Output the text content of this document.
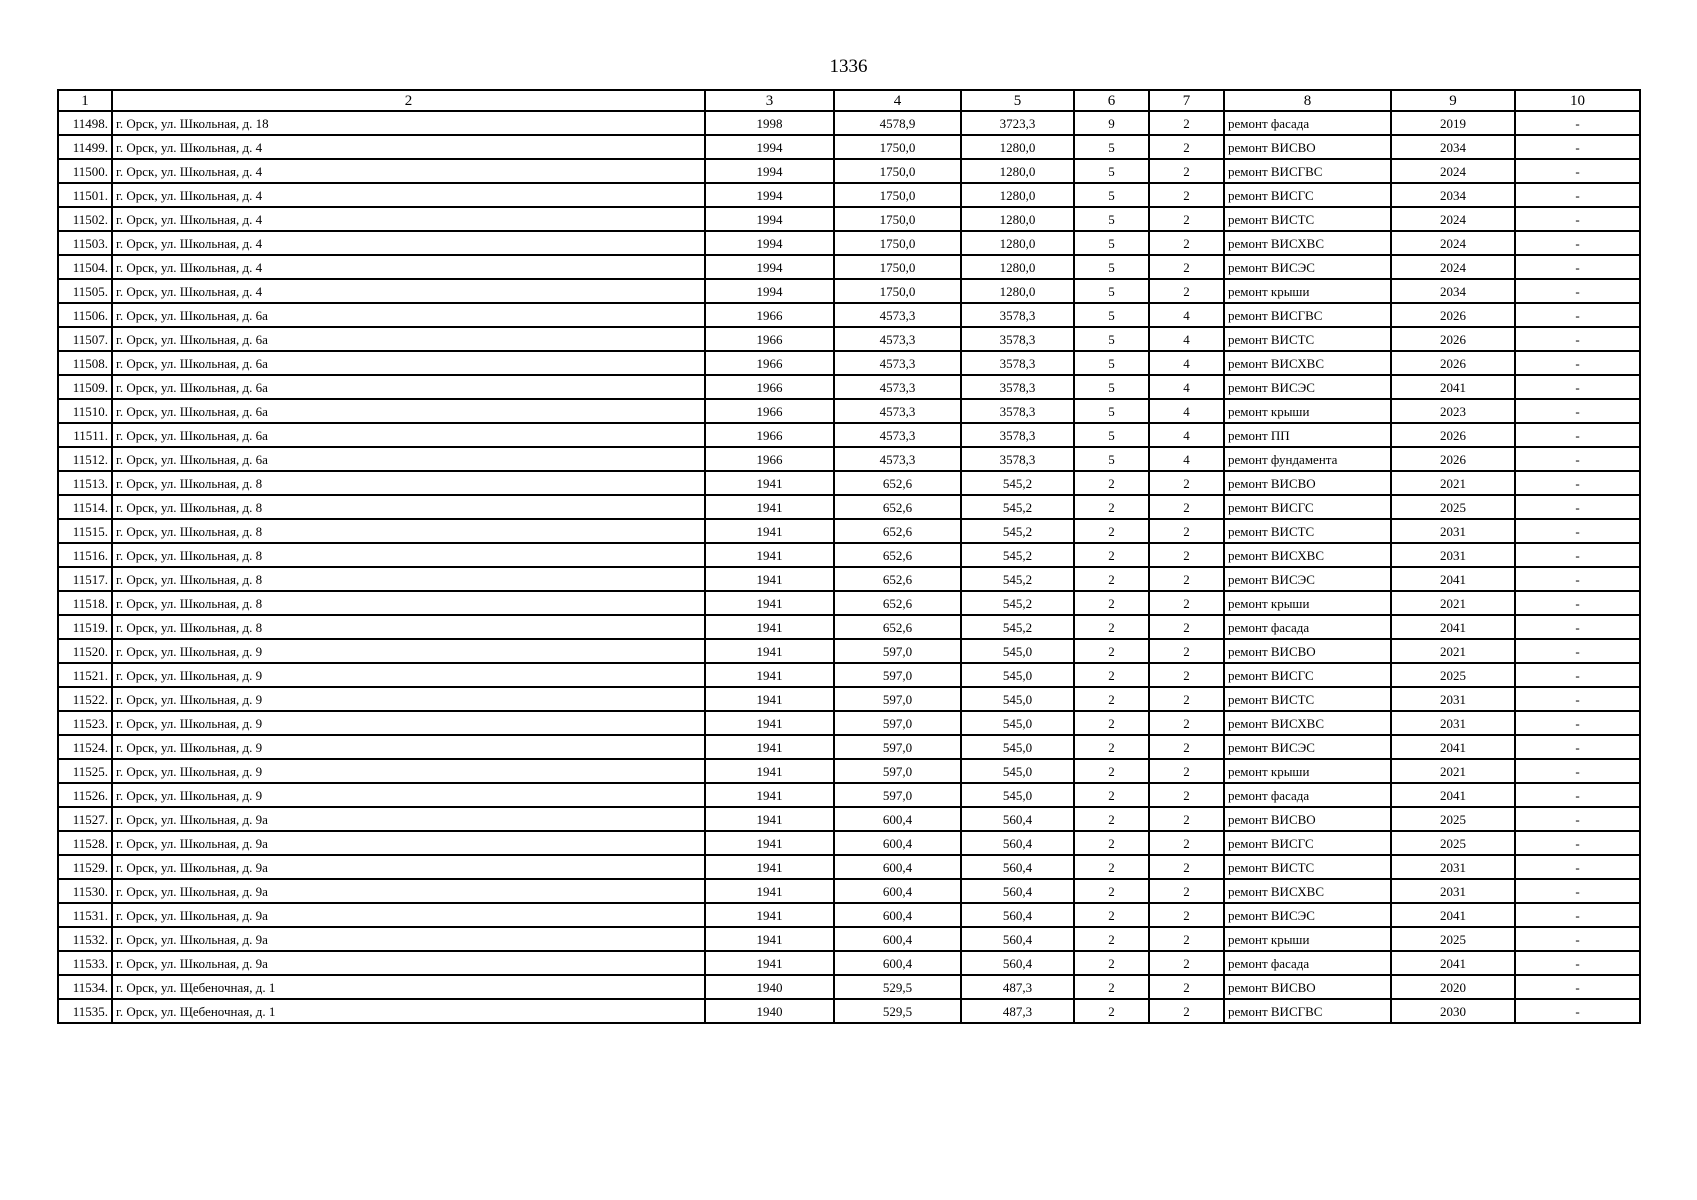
1336
1	2	3	4	5	6	7	8	9	10
11498.	г. Орск, ул. Школьная, д. 18	1998	4578,9	3723,3	9	2	ремонт фасада	2019	-
11499.	г. Орск, ул. Школьная, д. 4	1994	1750,0	1280,0	5	2	ремонт ВИСВО	2034	-
11500.	г. Орск, ул. Школьная, д. 4	1994	1750,0	1280,0	5	2	ремонт ВИСГВС	2024	-
11501.	г. Орск, ул. Школьная, д. 4	1994	1750,0	1280,0	5	2	ремонт ВИСГС	2034	-
11502.	г. Орск, ул. Школьная, д. 4	1994	1750,0	1280,0	5	2	ремонт ВИСТС	2024	-
11503.	г. Орск, ул. Школьная, д. 4	1994	1750,0	1280,0	5	2	ремонт ВИСХВС	2024	-
11504.	г. Орск, ул. Школьная, д. 4	1994	1750,0	1280,0	5	2	ремонт ВИСЭС	2024	-
11505.	г. Орск, ул. Школьная, д. 4	1994	1750,0	1280,0	5	2	ремонт крыши	2034	-
11506.	г. Орск, ул. Школьная, д. 6а	1966	4573,3	3578,3	5	4	ремонт ВИСГВС	2026	-
11507.	г. Орск, ул. Школьная, д. 6а	1966	4573,3	3578,3	5	4	ремонт ВИСТС	2026	-
11508.	г. Орск, ул. Школьная, д. 6а	1966	4573,3	3578,3	5	4	ремонт ВИСХВС	2026	-
11509.	г. Орск, ул. Школьная, д. 6а	1966	4573,3	3578,3	5	4	ремонт ВИСЭС	2041	-
11510.	г. Орск, ул. Школьная, д. 6а	1966	4573,3	3578,3	5	4	ремонт крыши	2023	-
11511.	г. Орск, ул. Школьная, д. 6а	1966	4573,3	3578,3	5	4	ремонт ПП	2026	-
11512.	г. Орск, ул. Школьная, д. 6а	1966	4573,3	3578,3	5	4	ремонт фундамента	2026	-
11513.	г. Орск, ул. Школьная, д. 8	1941	652,6	545,2	2	2	ремонт ВИСВО	2021	-
11514.	г. Орск, ул. Школьная, д. 8	1941	652,6	545,2	2	2	ремонт ВИСГС	2025	-
11515.	г. Орск, ул. Школьная, д. 8	1941	652,6	545,2	2	2	ремонт ВИСТС	2031	-
11516.	г. Орск, ул. Школьная, д. 8	1941	652,6	545,2	2	2	ремонт ВИСХВС	2031	-
11517.	г. Орск, ул. Школьная, д. 8	1941	652,6	545,2	2	2	ремонт ВИСЭС	2041	-
11518.	г. Орск, ул. Школьная, д. 8	1941	652,6	545,2	2	2	ремонт крыши	2021	-
11519.	г. Орск, ул. Школьная, д. 8	1941	652,6	545,2	2	2	ремонт фасада	2041	-
11520.	г. Орск, ул. Школьная, д. 9	1941	597,0	545,0	2	2	ремонт ВИСВО	2021	-
11521.	г. Орск, ул. Школьная, д. 9	1941	597,0	545,0	2	2	ремонт ВИСГС	2025	-
11522.	г. Орск, ул. Школьная, д. 9	1941	597,0	545,0	2	2	ремонт ВИСТС	2031	-
11523.	г. Орск, ул. Школьная, д. 9	1941	597,0	545,0	2	2	ремонт ВИСХВС	2031	-
11524.	г. Орск, ул. Школьная, д. 9	1941	597,0	545,0	2	2	ремонт ВИСЭС	2041	-
11525.	г. Орск, ул. Школьная, д. 9	1941	597,0	545,0	2	2	ремонт крыши	2021	-
11526.	г. Орск, ул. Школьная, д. 9	1941	597,0	545,0	2	2	ремонт фасада	2041	-
11527.	г. Орск, ул. Школьная, д. 9а	1941	600,4	560,4	2	2	ремонт ВИСВО	2025	-
11528.	г. Орск, ул. Школьная, д. 9а	1941	600,4	560,4	2	2	ремонт ВИСГС	2025	-
11529.	г. Орск, ул. Школьная, д. 9а	1941	600,4	560,4	2	2	ремонт ВИСТС	2031	-
11530.	г. Орск, ул. Школьная, д. 9а	1941	600,4	560,4	2	2	ремонт ВИСХВС	2031	-
11531.	г. Орск, ул. Школьная, д. 9а	1941	600,4	560,4	2	2	ремонт ВИСЭС	2041	-
11532.	г. Орск, ул. Школьная, д. 9а	1941	600,4	560,4	2	2	ремонт крыши	2025	-
11533.	г. Орск, ул. Школьная, д. 9а	1941	600,4	560,4	2	2	ремонт фасада	2041	-
11534.	г. Орск, ул. Щебеночная, д. 1	1940	529,5	487,3	2	2	ремонт ВИСВО	2020	-
11535.	г. Орск, ул. Щебеночная, д. 1	1940	529,5	487,3	2	2	ремонт ВИСГВС	2030	-
